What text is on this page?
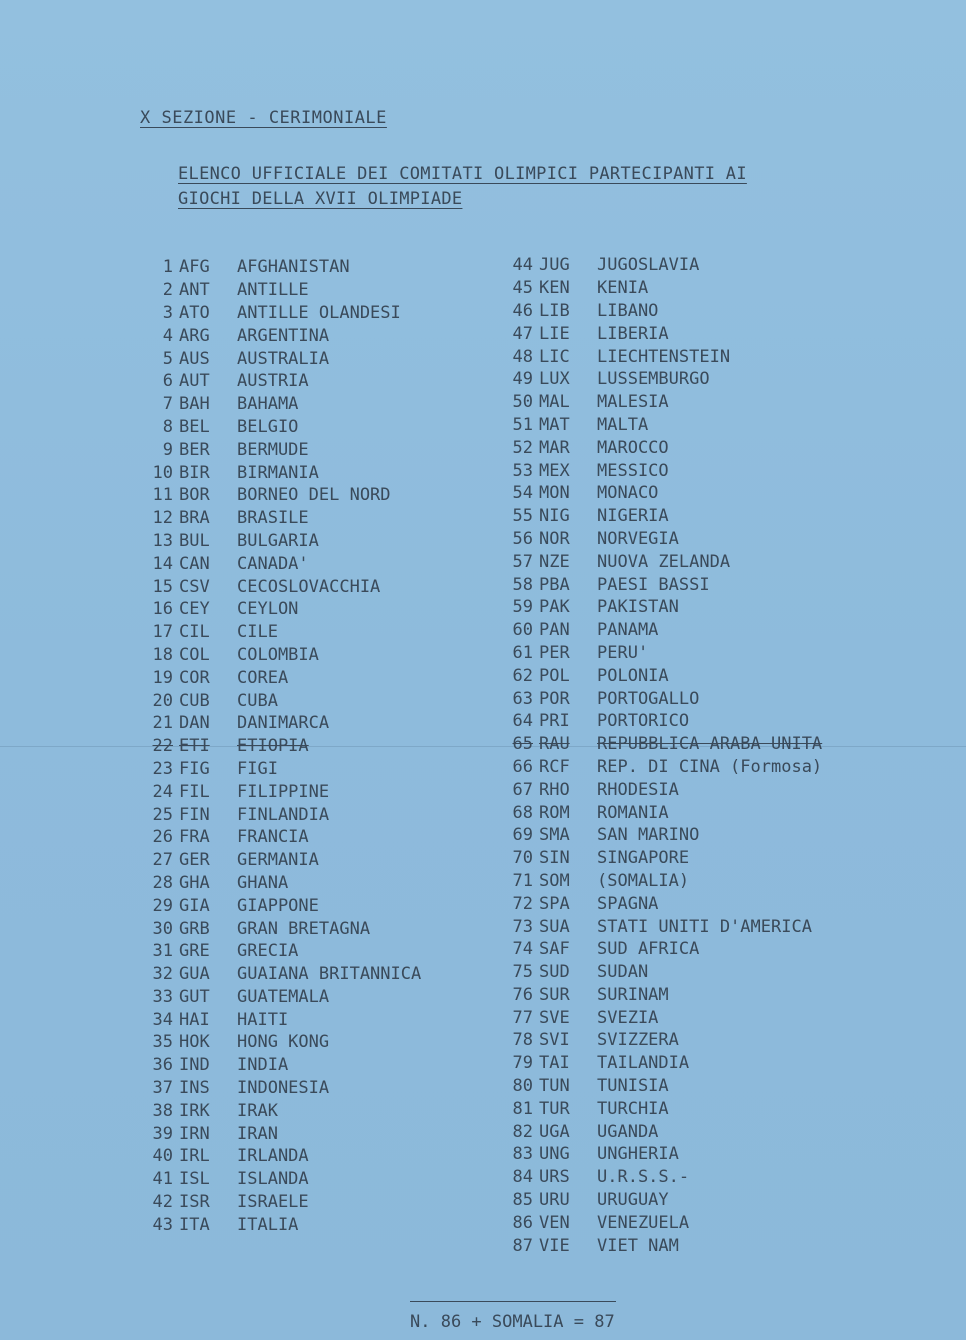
X SEZIONE - CERIMONIALE
ELENCO UFFICIALE DEI COMITATI OLIMPICI PARTECIPANTI AI
GIOCHI DELLA XVII OLIMPIADE
1 AFG	AFGHANISTAN
2 ANT	ANTILLE
3 ATO	ANTILLE OLANDESI
4 ARG	ARGENTINA
5 AUS	AUSTRALIA
6 AUT	AUSTRIA
7 BAH	BAHAMA
8 BEL	BELGIO
9 BER	BERMUDE
10 BIR	BIRMANIA
11 BOR	BORNEO DEL NORD
12 BRA	BRASILE
13 BUL	BULGARIA
14 CAN	CANADA'
15 CSV	CECOSLOVACCHIA
16 CEY	CEYLON
17 CIL	CILE
18 COL	COLOMBIA
19 COR	COREA
20 CUB	CUBA
21 DAN	DANIMARCA
22 ETI	ETIOPIA
23 FIG	FIGI
24 FIL	FILIPPINE
25 FIN	FINLANDIA
26 FRA	FRANCIA
27 GER	GERMANIA
28 GHA	GHANA
29 GIA	GIAPPONE
30 GRB	GRAN BRETAGNA
31 GRE	GRECIA
32 GUA	GUAIANA BRITANNICA
33 GUT	GUATEMALA
34 HAI	HAITI
35 HOK	HONG KONG
36 IND	INDIA
37 INS	INDONESIA
38 IRK	IRAK
39 IRN	IRAN
40 IRL	IRLANDA
41 ISL	ISLANDA
42 ISR	ISRAELE
43 ITA	ITALIA
44 JUG	JUGOSLAVIA
45 KEN	KENIA
46 LIB	LIBANO
47 LIE	LIBERIA
48 LIC	LIECHTENSTEIN
49 LUX	LUSSEMBURGO
50 MAL	MALESIA
51 MAT	MALTA
52 MAR	MAROCCO
53 MEX	MESSICO
54 MON	MONACO
55 NIG	NIGERIA
56 NOR	NORVEGIA
57 NZE	NUOVA ZELANDA
58 PBA	PAESI BASSI
59 PAK	PAKISTAN
60 PAN	PANAMA
61 PER	PERU'
62 POL	POLONIA
63 POR	PORTOGALLO
64 PRI	PORTORICO
65 RAU	REPUBBLICA ARABA UNITA
66 RCF	REP. DI CINA (Formosa)
67 RHO	RHODESIA
68 ROM	ROMANIA
69 SMA	SAN MARINO
70 SIN	SINGAPORE
71 SOM	(SOMALIA)
72 SPA	SPAGNA
73 SUA	STATI UNITI D'AMERICA
74 SAF	SUD AFRICA
75 SUD	SUDAN
76 SUR	SURINAM
77 SVE	SVEZIA
78 SVI	SVIZZERA
79 TAI	TAILANDIA
80 TUN	TUNISIA
81 TUR	TURCHIA
82 UGA	UGANDA
83 UNG	UNGHERIA
84 URS	U.R.S.S.-
85 URU	URUGUAY
86 VEN	VENEZUELA
87 VIE	VIET NAM
N. 86 + SOMALIA = 87
